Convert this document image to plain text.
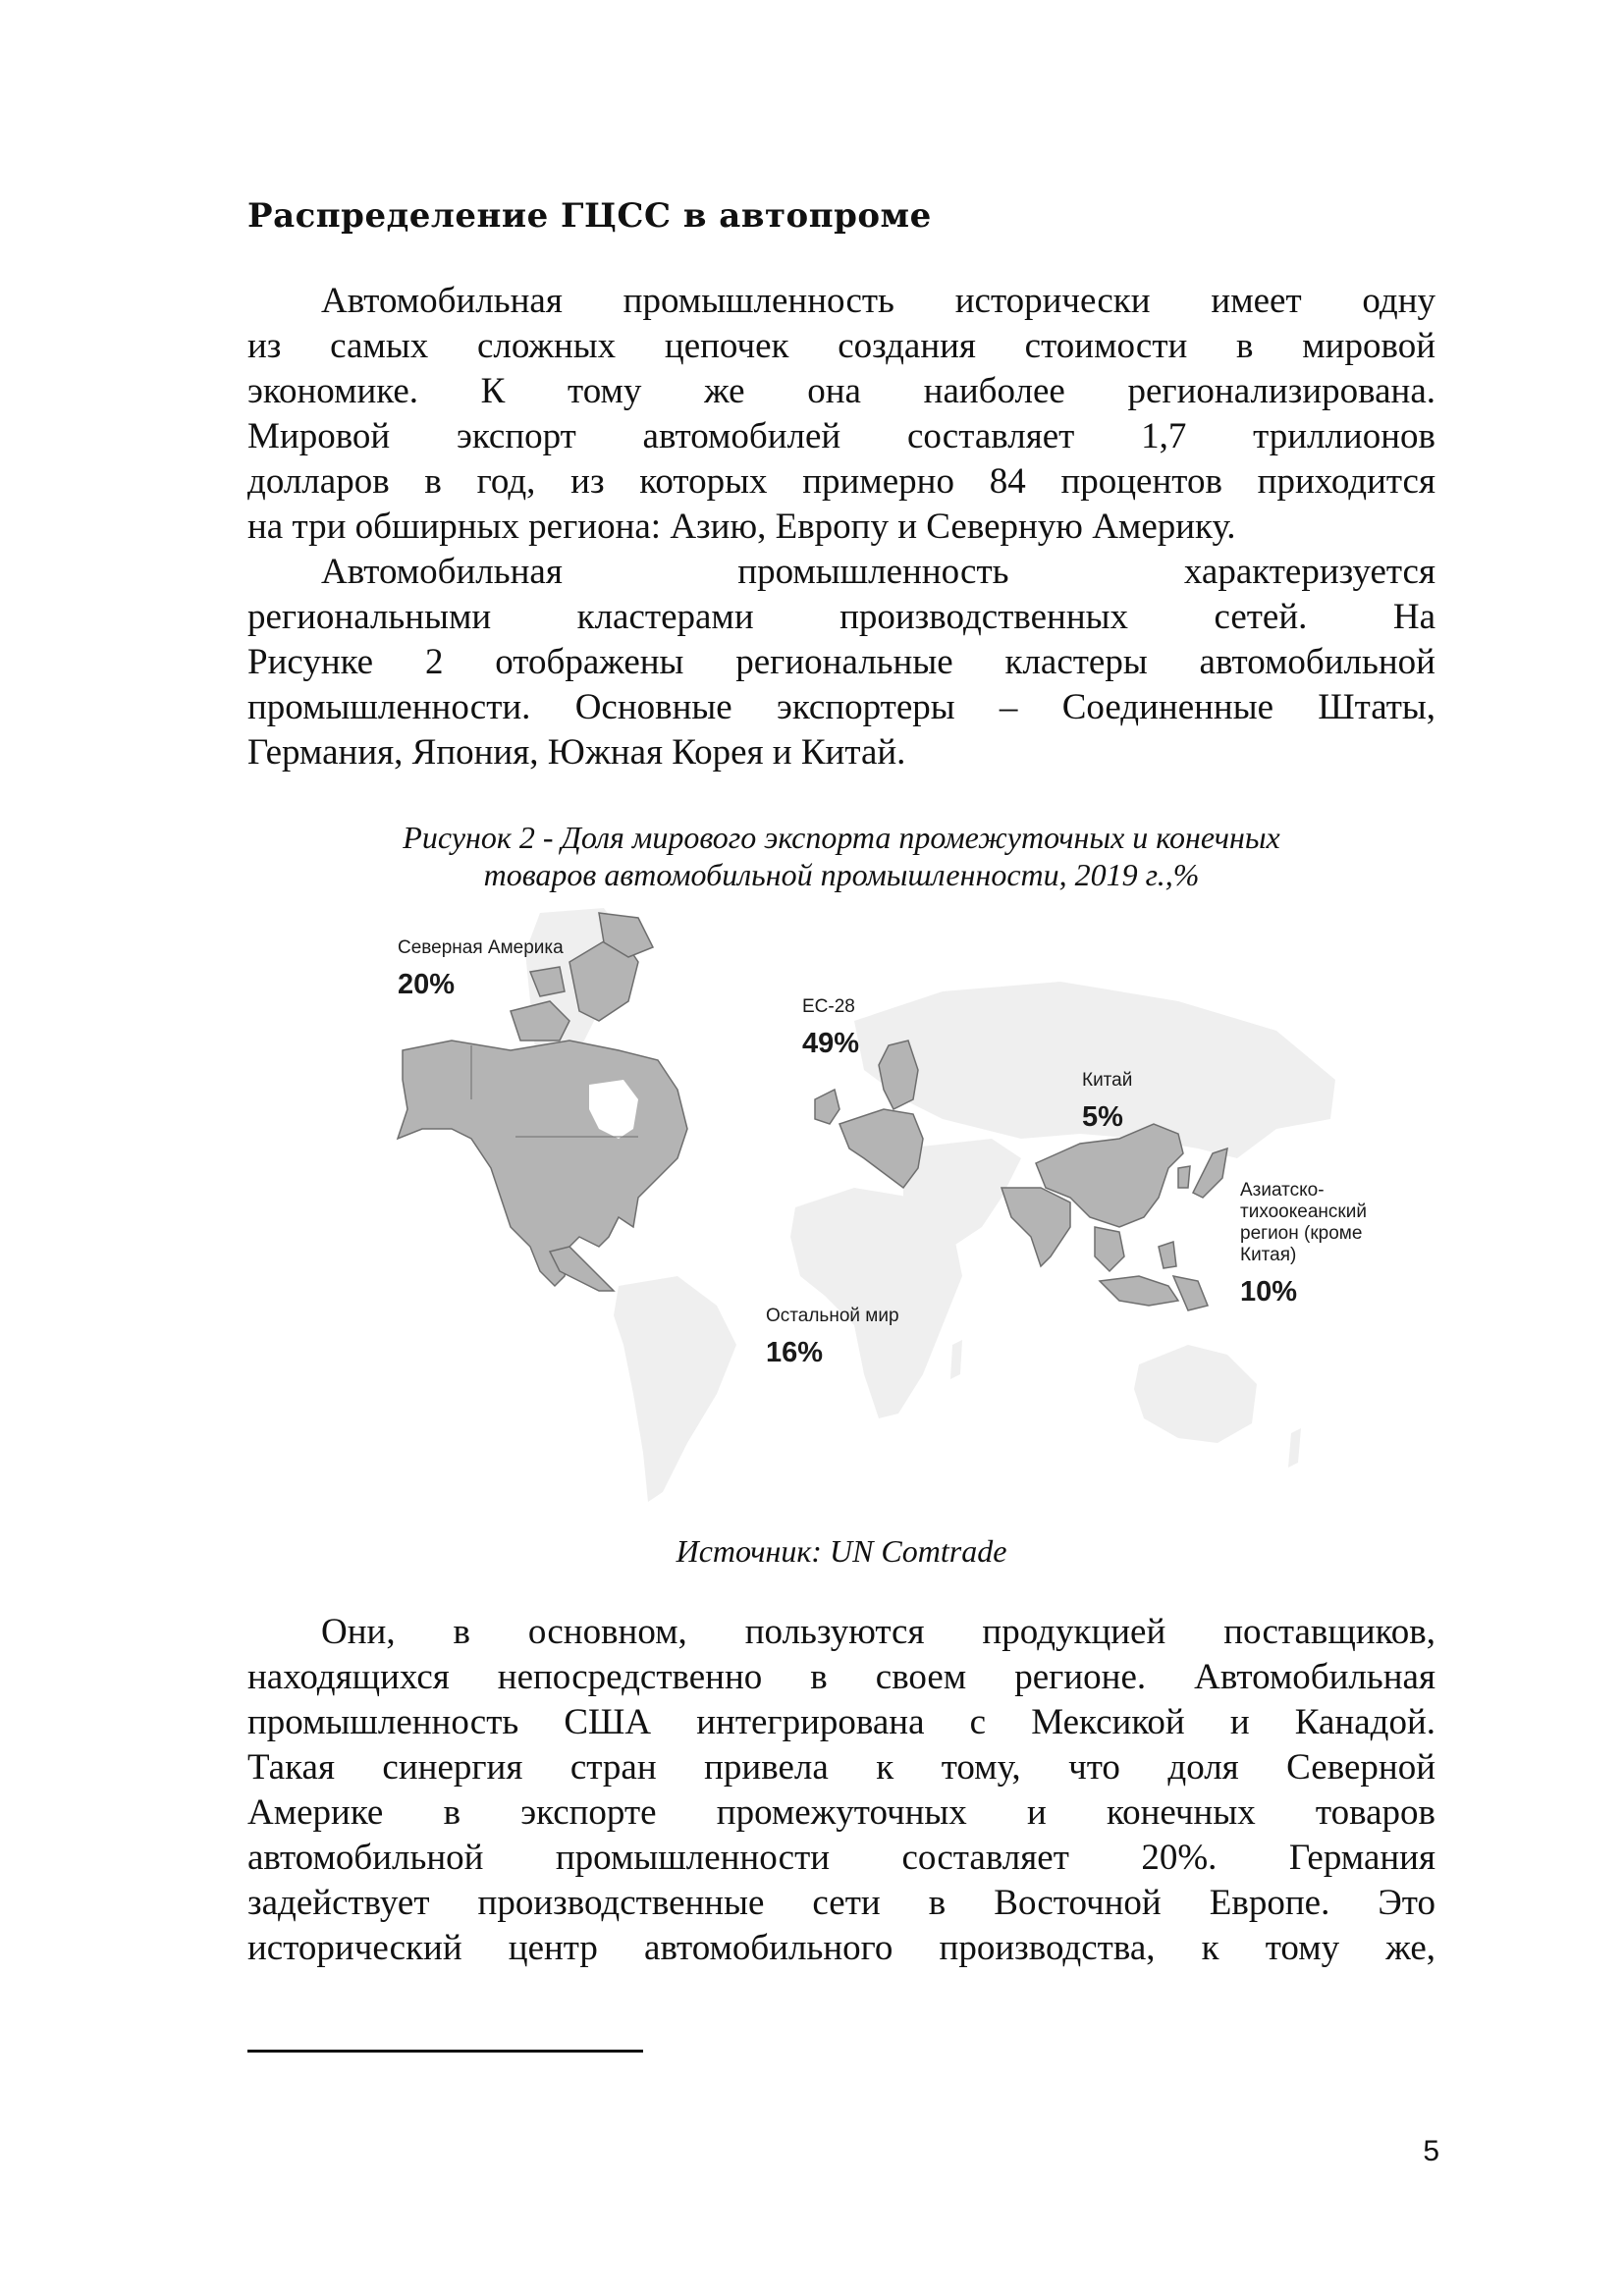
Распределение ГЦСС в автопроме
Автомобильная промышленность исторически имеет одну
из самых сложных цепочек создания стоимости в мировой
экономике. К тому же она наиболее регионализирована.
Мировой экспорт автомобилей составляет 1,7 триллионов
долларов в год, из которых примерно 84 процентов приходится
на три обширных региона: Азию, Европу и Северную Америку.
Автомобильная промышленность характеризуется
региональными кластерами производственных сетей. На
Рисунке 2 отображены региональные кластеры автомобильной
промышленности. Основные экспортеры – Соединенные Штаты,
Германия, Япония, Южная Корея и Китай.
Рисунок 2 - Доля мирового экспорта промежуточных и конечных
товаров автомобильной промышленности, 2019 г.,%
Северная Америка
20%
ЕС-28
49%
Китай
5%
Азиатско-
тихоокеанский
регион (кроме
Китая)
10%
Остальной мир
16%
Источник: UN Comtrade
Они, в основном, пользуются продукцией поставщиков,
находящихся непосредственно в своем регионе. Автомобильная
промышленность США интегрирована с Мексикой и Канадой.
Такая синергия стран привела к тому, что доля Северной
Америке в экспорте промежуточных и конечных товаров
автомобильной промышленности составляет 20%. Германия
задействует производственные сети в Восточной Европе. Это
исторический центр автомобильного производства, к тому же,
5
